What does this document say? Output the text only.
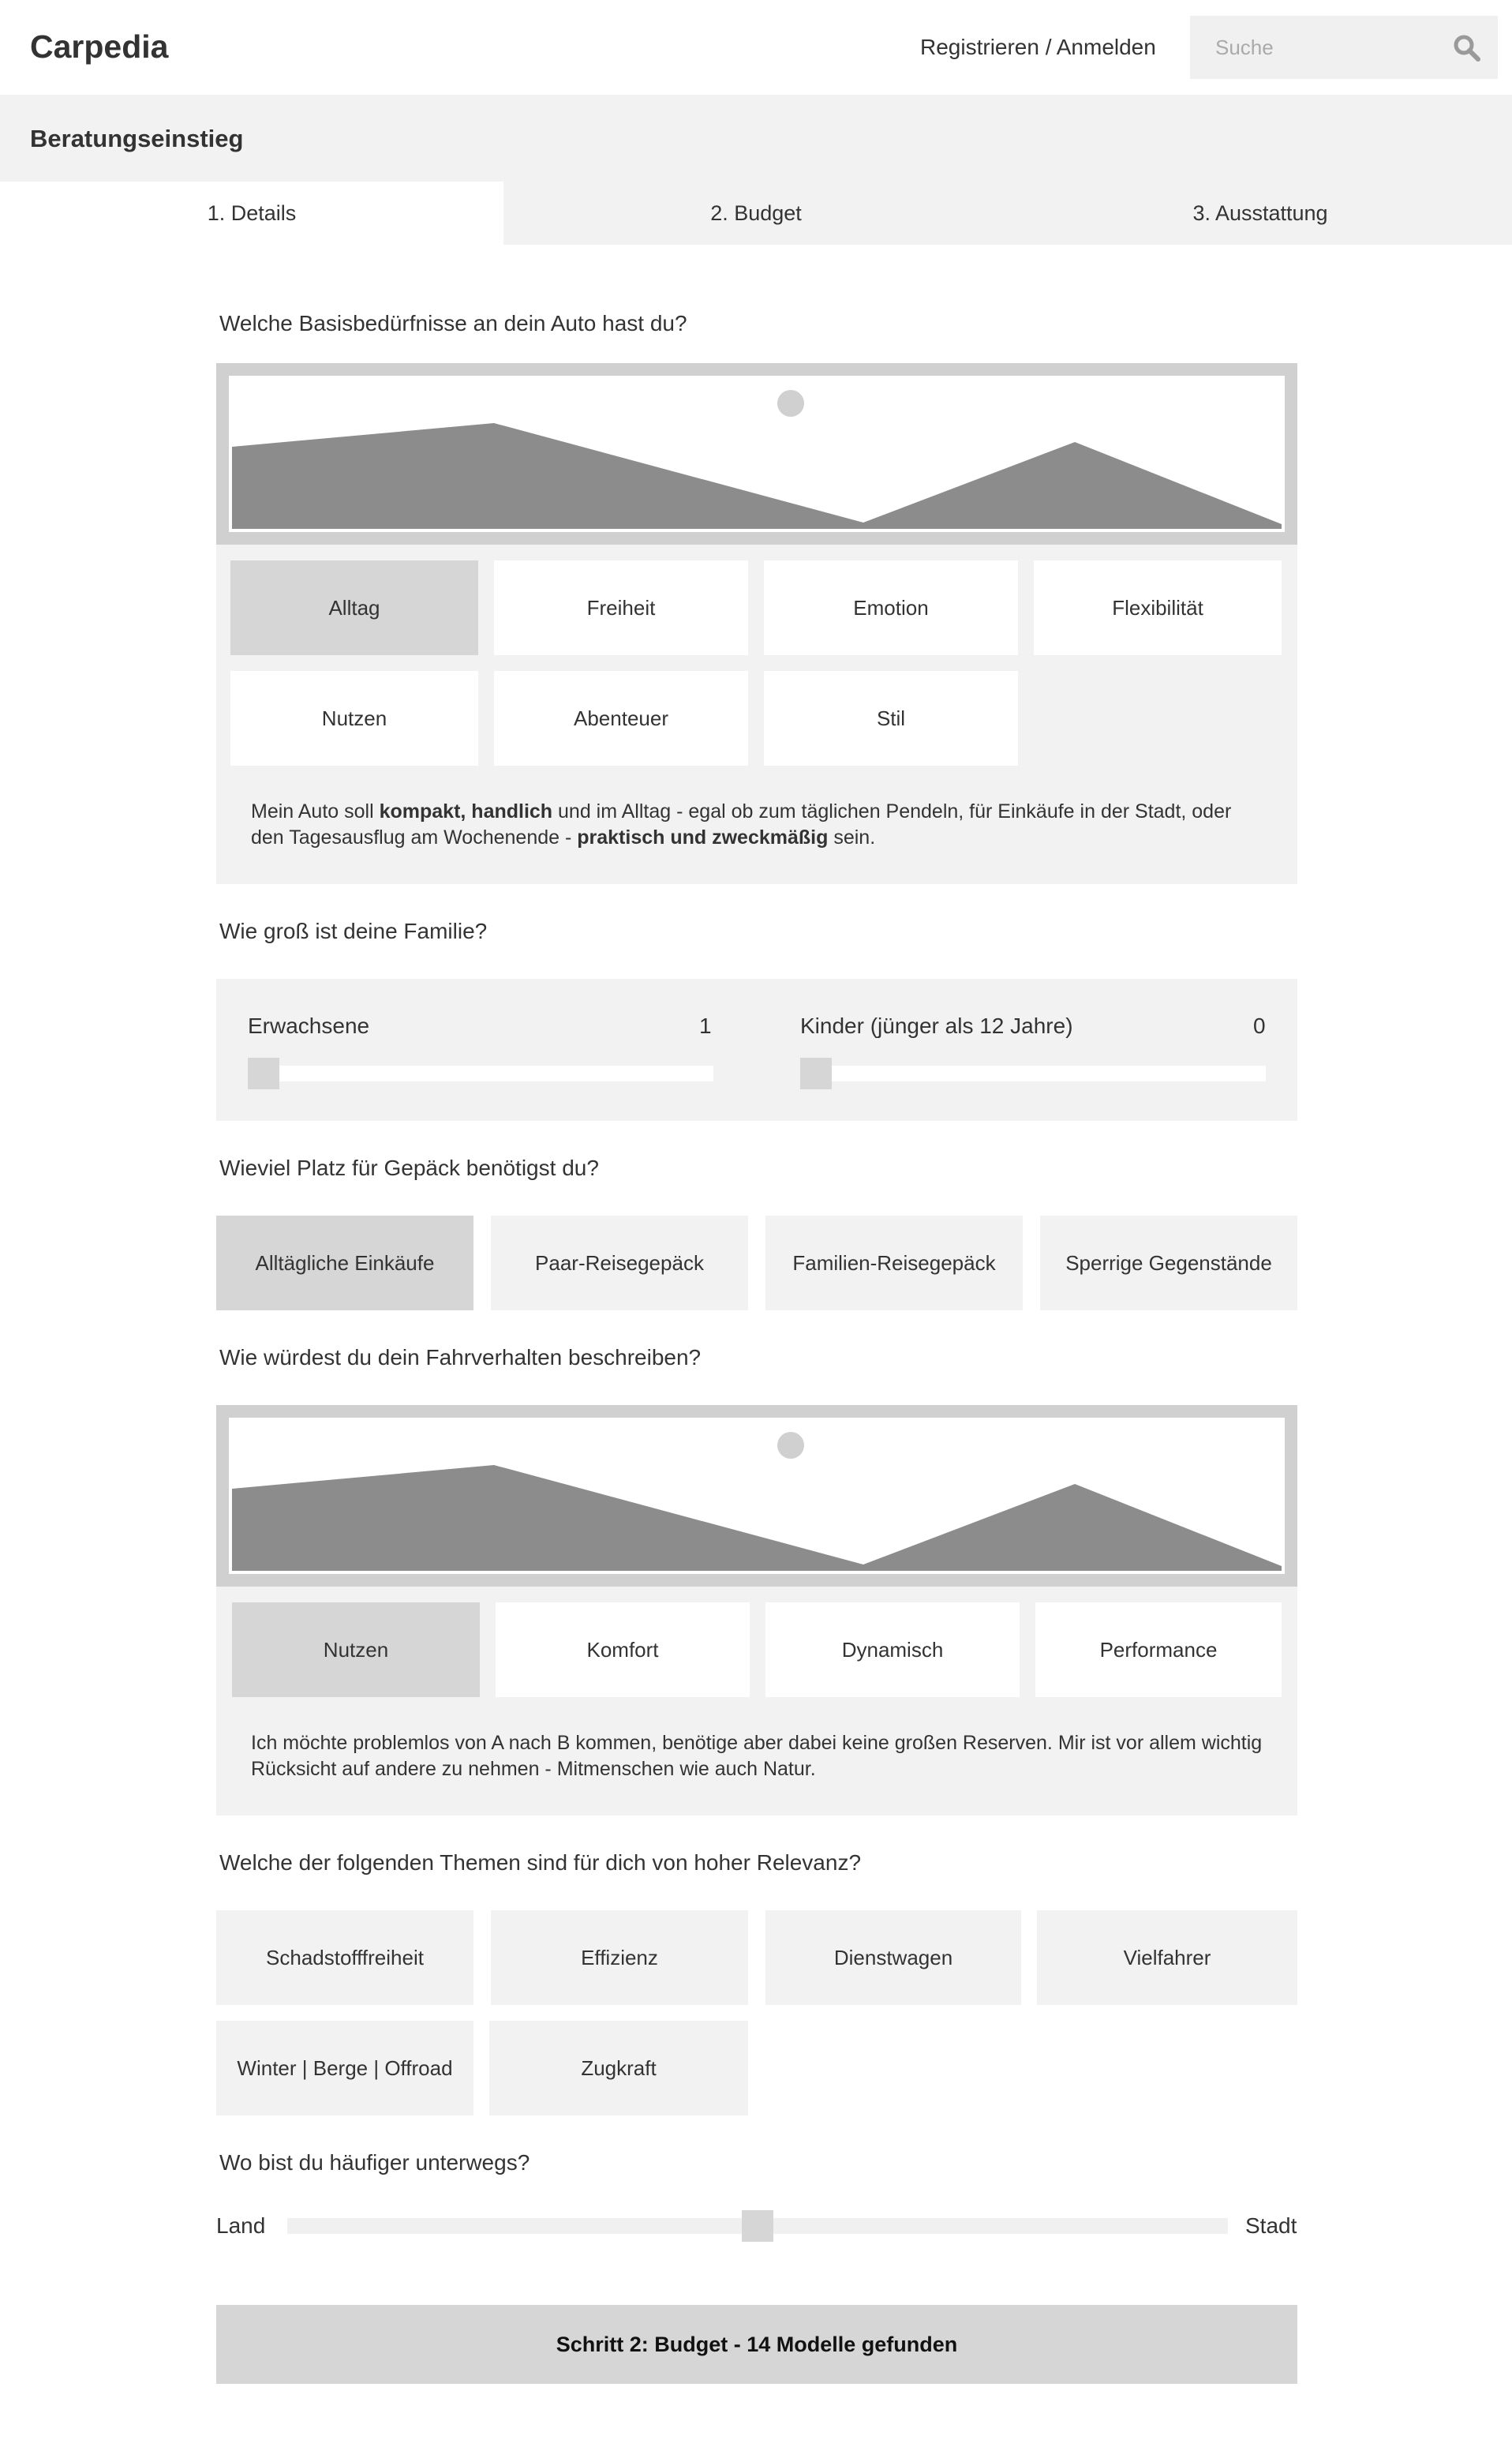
Carpedia	Registrieren / Anmelden
Suche
Beratungseinstieg
1. Details	2. Budget	3. Ausstattung
Welche Basisbedürfnisse an dein Auto hast du?
Alltag	Freiheit	Emotion	Flexibilität
Nutzen	Abenteuer	Stil
Mein Auto soll kompakt, handlich und im Alltag - egal ob zum täglichen Pendeln, für Einkäufe in der Stadt, oder den Tagesausflug am Wochenende - praktisch und zweckmäßig sein.
Wie groß ist deine Familie?
Erwachsene	1	Kinder (jünger als 12 Jahre)	0
Wieviel Platz für Gepäck benötigst du?
Alltägliche Einkäufe	Paar-Reisegepäck	Familien-Reisegepäck	Sperrige Gegenstände
Wie würdest du dein Fahrverhalten beschreiben?
Nutzen	Komfort	Dynamisch	Performance
Ich möchte problemlos von A nach B kommen, benötige aber dabei keine großen Reserven. Mir ist vor allem wichtig Rücksicht auf andere zu nehmen - Mitmenschen wie auch Natur.
Welche der folgenden Themen sind für dich von hoher Relevanz?
Schadstofffreiheit	Effizienz	Dienstwagen	Vielfahrer
Winter | Berge | Offroad	Zugkraft
Wo bist du häufiger unterwegs?
Land	Stadt
Schritt 2: Budget - 14 Modelle gefunden
